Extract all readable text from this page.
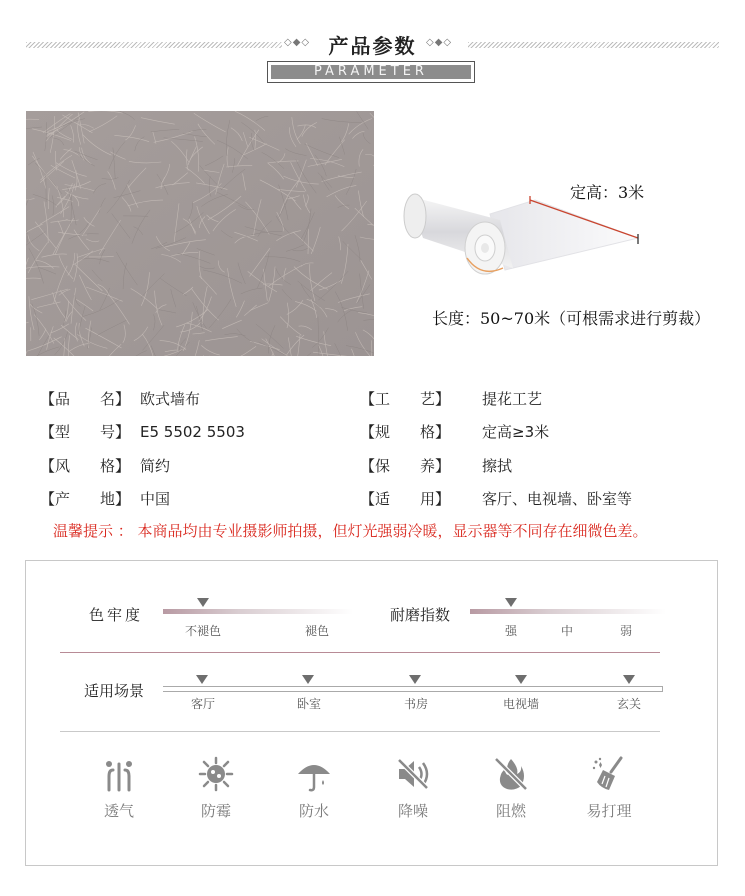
◇◆◇ 产品参数 ◇◆◇
PARAMETER
定高：3米
长度：50~70米（可根需求进行剪裁）
【品　　名】 欧式墙布	【工　　艺】 提花工艺
【型　　号】 E5 5502 5503	【规　　格】 定高≥3米
【风　　格】 简约	【保　　养】 擦拭
【产　　地】 中国	【适　　用】 客厅、电视墙、卧室等
温馨提示 ： 本商品均由专业摄影师拍摄，但灯光强弱冷暖，显示器等不同存在细微色差。
色牢度
不褪色	褪色
耐磨指数
强	中	弱
适用场景
客厅	卧室	书房	电视墙	玄关
透气	防霉	防水	降噪	阻燃	易打理
